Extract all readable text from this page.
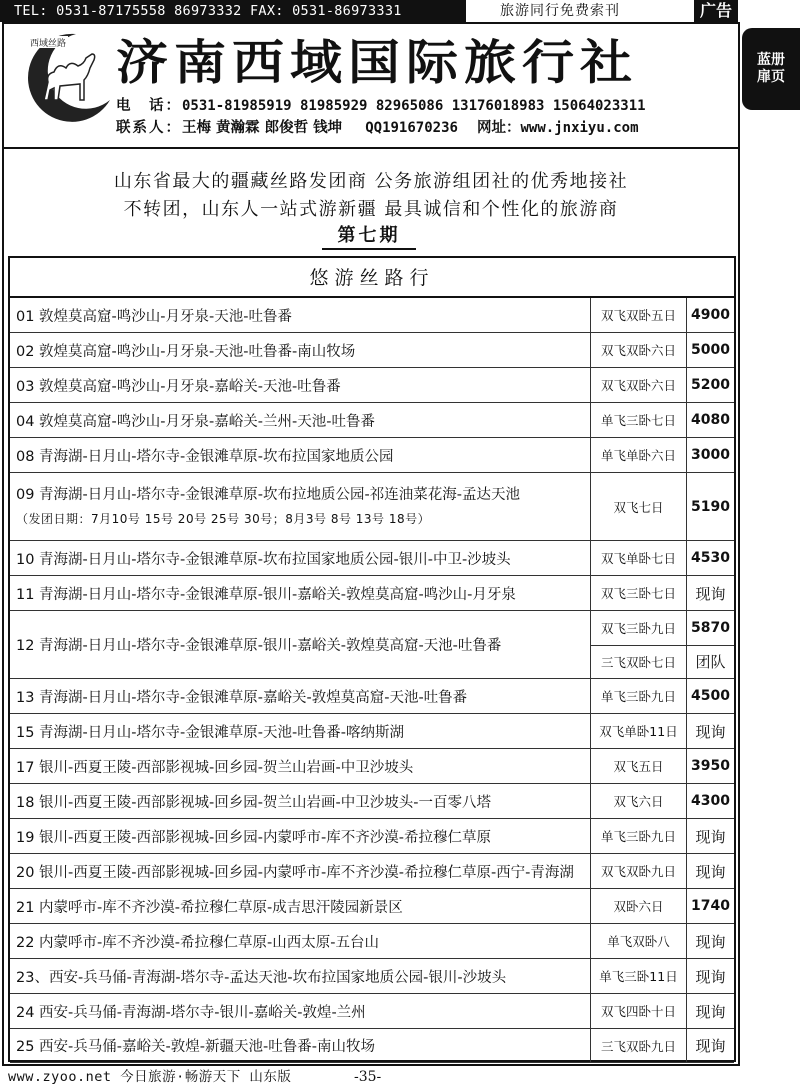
TEL: 0531-87175558 86973332 FAX: 0531-86973331	旅游同行免费索刊	广告
蓝册扉页
西域丝路 济南西域国际旅行社
电　话：0531-81985919 81985929 82965086 13176018983 15064023311
联系人：王梅 黄瀚霖 郎俊哲 钱坤 QQ191670236 网址：www.jnxiyu.com
山东省最大的疆藏丝路发团商 公务旅游组团社的优秀地接社
不转团，山东人一站式游新疆 最具诚信和个性化的旅游商
第七期
悠游丝路行
01 敦煌莫高窟-鸣沙山-月牙泉-天池-吐鲁番	双飞双卧五日	4900
02 敦煌莫高窟-鸣沙山-月牙泉-天池-吐鲁番-南山牧场	双飞双卧六日	5000
03 敦煌莫高窟-鸣沙山-月牙泉-嘉峪关-天池-吐鲁番	双飞双卧六日	5200
04 敦煌莫高窟-鸣沙山-月牙泉-嘉峪关-兰州-天池-吐鲁番	单飞三卧七日	4080
08 青海湖-日月山-塔尔寺-金银滩草原-坎布拉国家地质公园	单飞单卧六日	3000
09 青海湖-日月山-塔尔寺-金银滩草原-坎布拉地质公园-祁连油菜花海-孟达天池
（发团日期：7月10号 15号 20号 25号 30号；8月3号 8号 13号 18号）
双飞七日	5190
10 青海湖-日月山-塔尔寺-金银滩草原-坎布拉国家地质公园-银川-中卫-沙坡头	双飞单卧七日	4530
11 青海湖-日月山-塔尔寺-金银滩草原-银川-嘉峪关-敦煌莫高窟-鸣沙山-月牙泉	双飞三卧七日	现询
12 青海湖-日月山-塔尔寺-金银滩草原-银川-嘉峪关-敦煌莫高窟-天池-吐鲁番
双飞三卧九日	5870
三飞双卧七日	团队
13 青海湖-日月山-塔尔寺-金银滩草原-嘉峪关-敦煌莫高窟-天池-吐鲁番	单飞三卧九日	4500
15 青海湖-日月山-塔尔寺-金银滩草原-天池-吐鲁番-喀纳斯湖	双飞单卧11日	现询
17 银川-西夏王陵-西部影视城-回乡园-贺兰山岩画-中卫沙坡头	双飞五日	3950
18 银川-西夏王陵-西部影视城-回乡园-贺兰山岩画-中卫沙坡头-一百零八塔	双飞六日	4300
19 银川-西夏王陵-西部影视城-回乡园-内蒙呼市-库不齐沙漠-希拉穆仁草原	单飞三卧九日	现询
20 银川-西夏王陵-西部影视城-回乡园-内蒙呼市-库不齐沙漠-希拉穆仁草原-西宁-青海湖	双飞双卧九日	现询
21 内蒙呼市-库不齐沙漠-希拉穆仁草原-成吉思汗陵园新景区	双卧六日	1740
22 内蒙呼市-库不齐沙漠-希拉穆仁草原-山西太原-五台山	单飞双卧八	现询
23、西安-兵马俑-青海湖-塔尔寺-孟达天池-坎布拉国家地质公园-银川-沙坡头	单飞三卧11日	现询
24 西安-兵马俑-青海湖-塔尔寺-银川-嘉峪关-敦煌-兰州	双飞四卧十日	现询
25 西安-兵马俑-嘉峪关-敦煌-新疆天池-吐鲁番-南山牧场	三飞双卧九日	现询
www.zyoo.net 今日旅游·畅游天下 山东版	-35-
